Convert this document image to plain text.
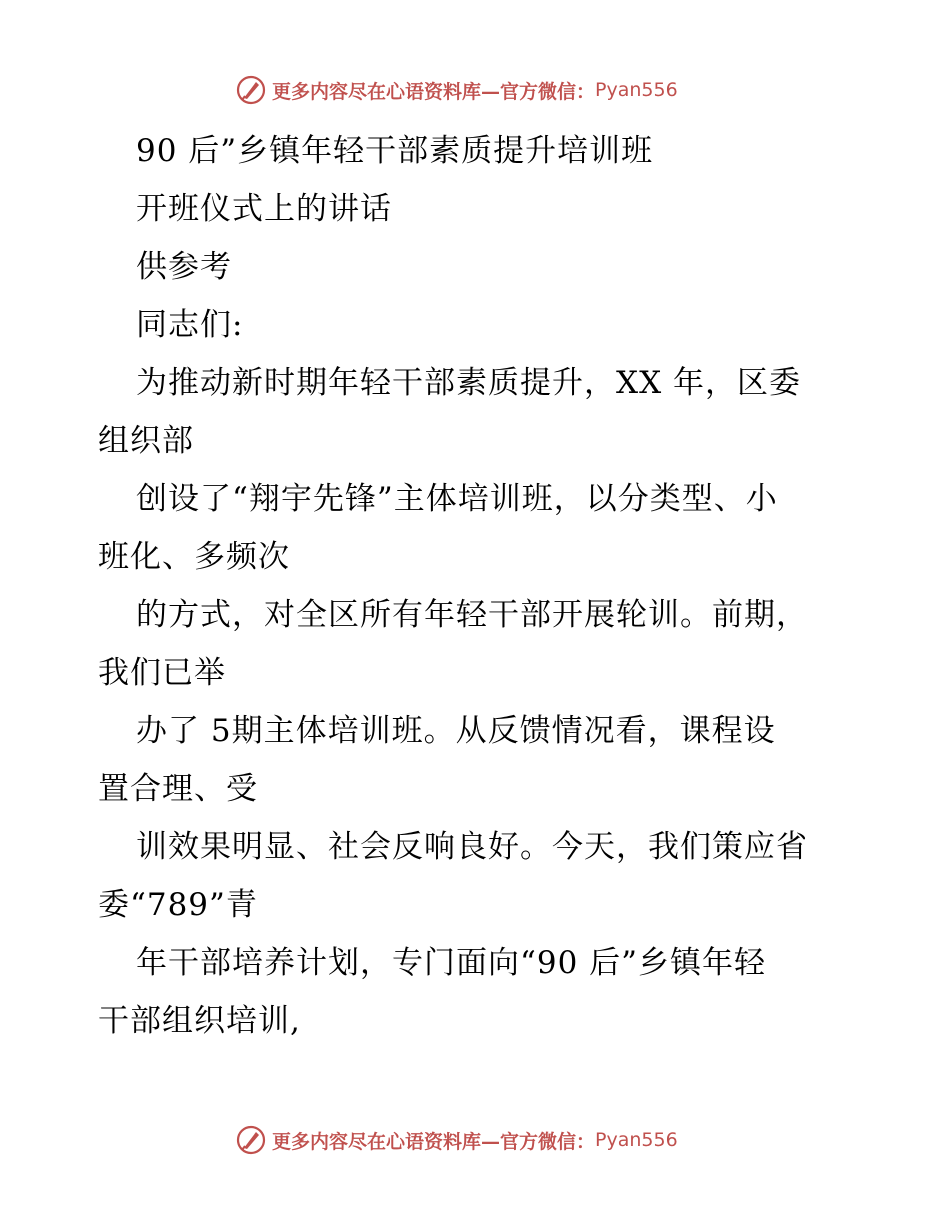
更多内容尽在心语资料库—官方微信： Pyan556
90 后”乡镇年轻干部素质提升培训班
开班仪式上的讲话
供参考
同志们:
为推动新时期年轻干部素质提升，XX 年，区委
组织部
创设了“翔宇先锋”主体培训班，以分类型、小
班化、多频次
的方式，对全区所有年轻干部开展轮训。前期，
我们已举
办了 5期主体培训班。从反馈情况看，课程设
置合理、受
训效果明显、社会反响良好。今天，我们策应省
委“789”青
年干部培养计划，专门面向“90 后”乡镇年轻
干部组织培训,
更多内容尽在心语资料库—官方微信： Pyan556
